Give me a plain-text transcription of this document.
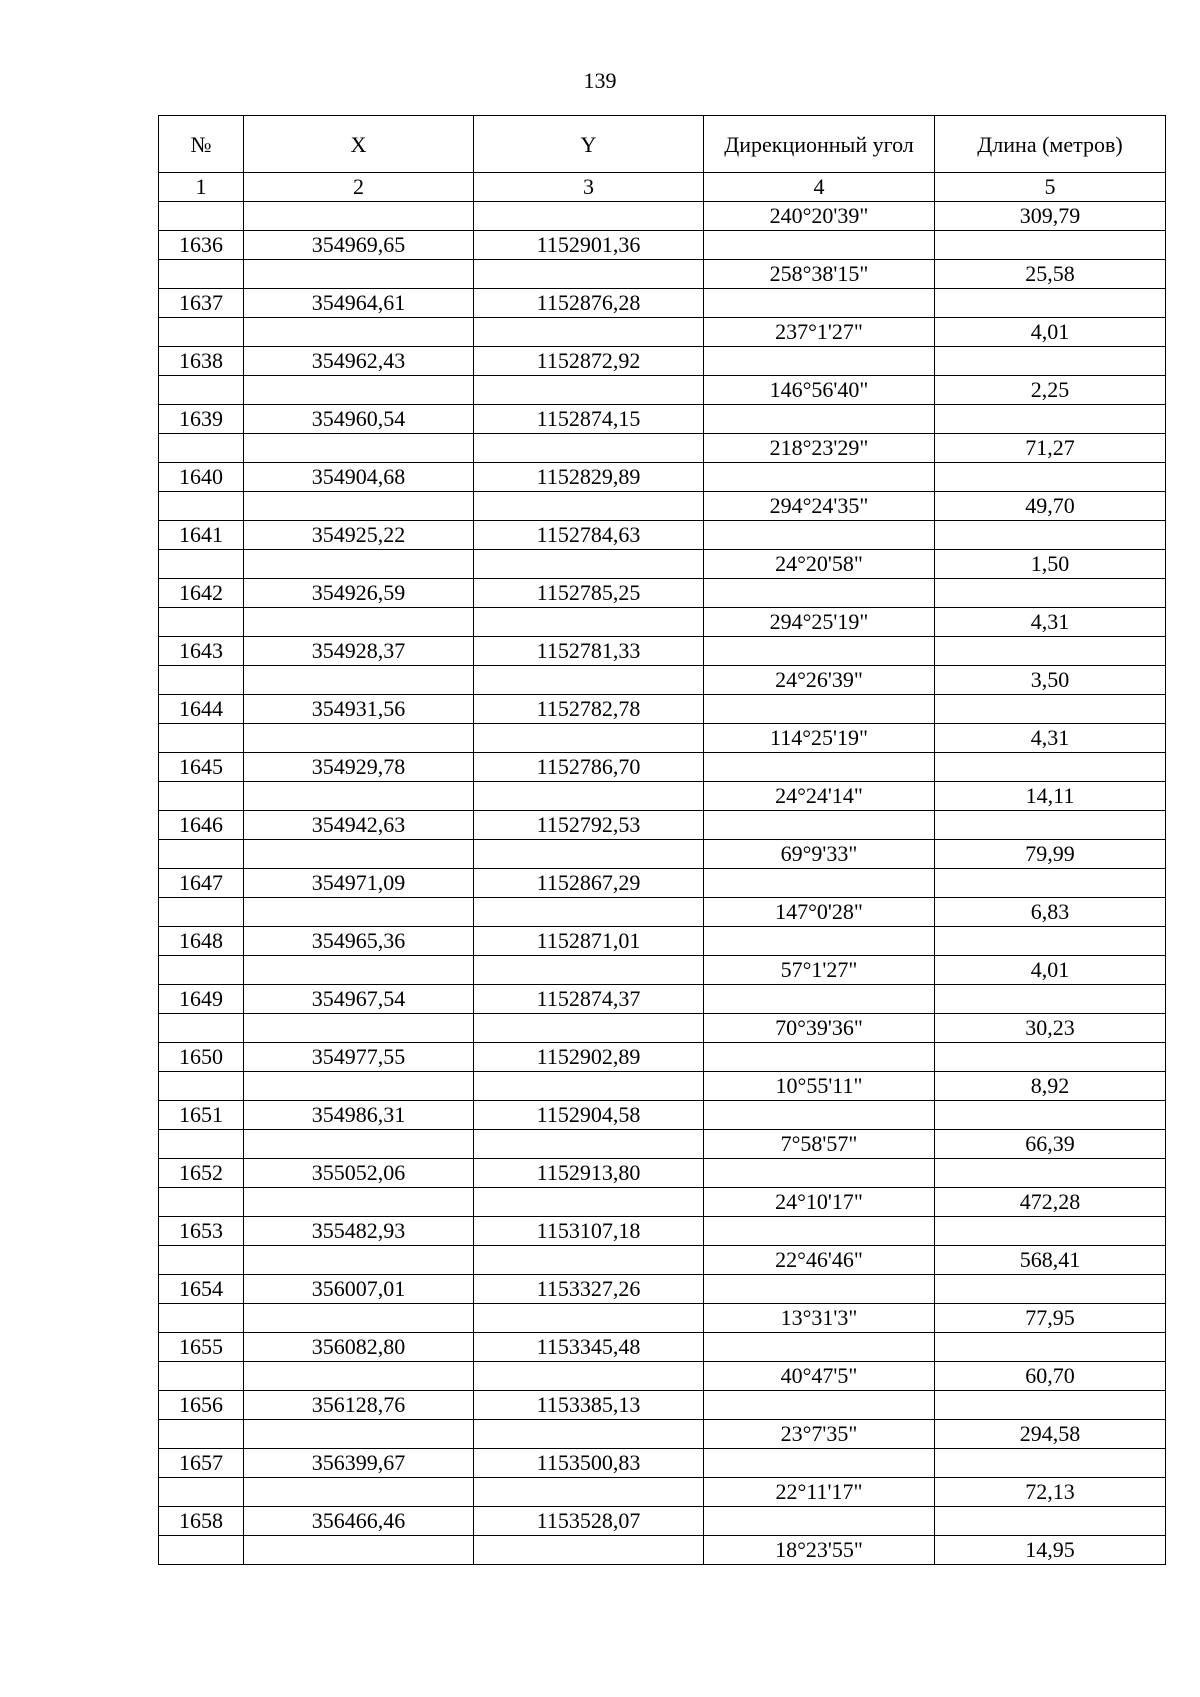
139
№	X	Y	Дирекционный угол	Длина (метров)
1	2	3	4	5
			240°20'39"	309,79
1636	354969,65	1152901,36		
			258°38'15"	25,58
1637	354964,61	1152876,28		
			237°1'27"	4,01
1638	354962,43	1152872,92		
			146°56'40"	2,25
1639	354960,54	1152874,15		
			218°23'29"	71,27
1640	354904,68	1152829,89		
			294°24'35"	49,70
1641	354925,22	1152784,63		
			24°20'58"	1,50
1642	354926,59	1152785,25		
			294°25'19"	4,31
1643	354928,37	1152781,33		
			24°26'39"	3,50
1644	354931,56	1152782,78		
			114°25'19"	4,31
1645	354929,78	1152786,70		
			24°24'14"	14,11
1646	354942,63	1152792,53		
			69°9'33"	79,99
1647	354971,09	1152867,29		
			147°0'28"	6,83
1648	354965,36	1152871,01		
			57°1'27"	4,01
1649	354967,54	1152874,37		
			70°39'36"	30,23
1650	354977,55	1152902,89		
			10°55'11"	8,92
1651	354986,31	1152904,58		
			7°58'57"	66,39
1652	355052,06	1152913,80		
			24°10'17"	472,28
1653	355482,93	1153107,18		
			22°46'46"	568,41
1654	356007,01	1153327,26		
			13°31'3"	77,95
1655	356082,80	1153345,48		
			40°47'5"	60,70
1656	356128,76	1153385,13		
			23°7'35"	294,58
1657	356399,67	1153500,83		
			22°11'17"	72,13
1658	356466,46	1153528,07		
			18°23'55"	14,95
